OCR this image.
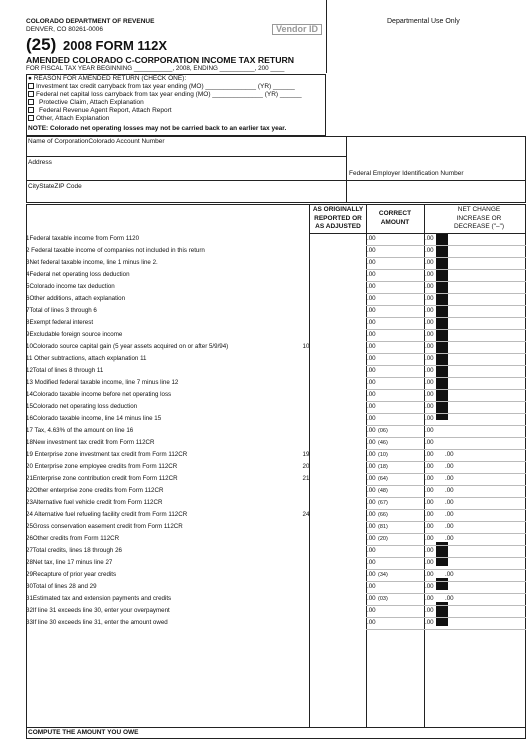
COLORADO DEPARTMENT OF REVENUE
DENVER, CO 80261-0006	Vendor ID
Departmental Use Only
(25) 2008 FORM 112X
AMENDED COLORADO C-CORPORATION INCOME TAX RETURN
FOR FISCAL TAX YEAR BEGINNING ___________, 2008, ENDING __________, 200 ____
● REASON FOR AMENDED RETURN (CHECK ONE):
Investment tax credit carryback from tax year ending (MO) ______________ (YR) ______
Federal net capital loss carryback from tax year ending (MO) ______________ (YR) ______
Protective Claim, Attach Explanation
Federal Revenue Agent Report, Attach Report
Other, Attach Explanation
NOTE: Colorado net operating losses may not be carried back to an earlier tax year.
Name of CorporationColorado Account Number
Address
Federal Employer Identification Number
CityStateZIP Code
AS ORIGINALLY REPORTED OR AS ADJUSTED
CORRECT AMOUNT
NET CHANGE INCREASE OR DECREASE ("–")
1Federal taxable income from Form 1120	.00	.00
2 Federal taxable income of companies not included in this return	.00	.00
3Net federal taxable income, line 1 minus line 2.	.00	.00
4Federal net operating loss deduction	.00	.00
5Colorado income tax deduction	.00	.00
6Other additions, attach explanation	.00	.00
7Total of lines 3 through 6	.00	.00
8Exempt federal interest	.00	.00
9Excludable foreign source income	.00	.00
10Colorado source capital gain (5 year assets acquired on or after 5/9/94)	10	.00	.00
11 Other subtractions, attach explanation 11	.00	.00
12Total of lines 8 through 11	.00	.00
13 Modified federal taxable income, line 7 minus line 12	.00	.00
14Colorado taxable income before net operating loss	.00	.00
15Colorado net operating loss deduction	.00	.00
16Colorado taxable income, line 14 minus line 15	.00	.00
17 Tax, 4.63% of the amount on line 16	.00 (06)	.00
18New investment tax credit from Form 112CR	.00 (46)	.00
19 Enterprise zone investment tax credit from Form 112CR	19	.00 (10)	.00 .00
20 Enterprise zone employee credits from Form 112CR	20	.00 (18)	.00 .00
21Enterprise zone contribution credit from Form 112CR	21	.00 (64)	.00 .00
22Other enterprise zone credits from Form 112CR	.00 (48)	.00 .00
23Alternative fuel vehicle credit from Form 112CR	.00 (67)	.00 .00
24 Alternative fuel refueling facility credit from Form 112CR	24	.00 (66)	.00 .00
25Gross conservation easement credit from Form 112CR	.00 (81)	.00 .00
26Other credits from Form 112CR	.00 (20)	.00 .00
27Total credits, lines 18 through 26	.00	.00
28Net tax, line 17 minus line 27	.00	.00
29Recapture of prior year credits	.00 (34)	.00 .00
30Total of lines 28 and 29	.00	.00
31Estimated tax and extension payments and credits	.00 (03)	.00 .00
32If line 31 exceeds line 30, enter your overpayment	.00	.00
33If line 30 exceeds line 31, enter the amount owed	.00	.00
COMPUTE THE AMOUNT YOU OWE
